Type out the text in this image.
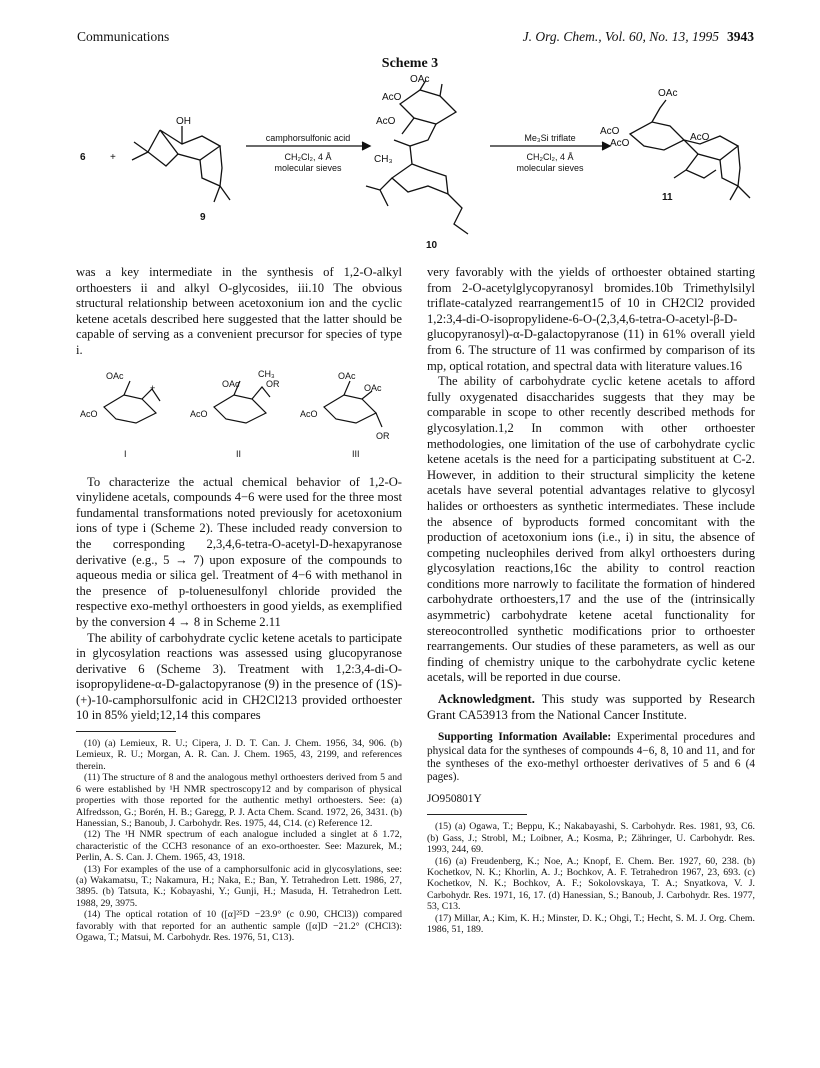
Communications	J. Org. Chem., Vol. 60, No. 13, 1995 3943
Scheme 3
6 +
OH
9
camphorsulfonic acid
CH₂Cl₂, 4 Å
molecular sieves
OAc
AcO
AcO
CH₃
10
Me₃Si triflate
CH₂Cl₂, 4 Å
molecular sieves
OAc
AcO
AcO
AcO
11

was a key intermediate in the synthesis of 1,2-O-alkyl orthoesters ii and alkyl O-glycosides, iii.10 The obvious structural relationship between acetoxonium ion and the cyclic ketene acetals described here suggested that the latter should be capable of serving as a convenient precursor for species of type i.

OAc
+
AcO
I
CH₃
OAc	OR
AcO
II
OAc
OAc
AcO
OR
III

To characterize the actual chemical behavior of 1,2-O-vinylidene acetals, compounds 4−6 were used for the three most fundamental transformations noted previously for acetoxonium ions of type i (Scheme 2). These included ready conversion to the corresponding 2,3,4,6-tetra-O-acetyl-D-hexapyranose derivative (e.g., 5 → 7) upon exposure of the compounds to aqueous media or silica gel. Treatment of 4−6 with methanol in the presence of p-toluenesulfonyl chloride provided the respective exo-methyl orthoesters in good yields, as exemplified by the conversion 4 → 8 in Scheme 2.11

The ability of carbohydrate cyclic ketene acetals to participate in glycosylation reactions was assessed using glucopyranose derivative 6 (Scheme 3). Treatment with 1,2:3,4-di-O-isopropylidene-α-D-galactopyranose (9) in the presence of (1S)-(+)-10-camphorsulfonic acid in CH2Cl213 provided orthoester 10 in 85% yield;12,14 this compares

(10) (a) Lemieux, R. U.; Cipera, J. D. T. Can. J. Chem. 1956, 34, 906. (b) Lemieux, R. U.; Morgan, A. R. Can. J. Chem. 1965, 43, 2199, and references therein.

(11) The structure of 8 and the analogous methyl orthoesters derived from 5 and 6 were established by ¹H NMR spectroscopy12 and by comparison of physical properties with those reported for the authentic methyl orthoesters. See: (a) Alfredsson, G.; Borén, H. B.; Garegg, P. J. Acta Chem. Scand. 1972, 26, 3431. (b) Hanessian, S.; Banoub, J. Carbohydr. Res. 1975, 44, C14. (c) Reference 12.

(12) The ¹H NMR spectrum of each analogue included a singlet at δ 1.72, characteristic of the CCH3 resonance of an exo-orthoester. See: Mazurek, M.; Perlin, A. S. Can. J. Chem. 1965, 43, 1918.

(13) For examples of the use of a camphorsulfonic acid in glycosylations, see: (a) Wakamatsu, T.; Nakamura, H.; Naka, E.; Ban, Y. Tetrahedron Lett. 1986, 27, 3895. (b) Tatsuta, K.; Kobayashi, Y.; Gunji, H.; Masuda, H. Tetrahedron Lett. 1988, 29, 3975.

(14) The optical rotation of 10 ([α]²⁵D −23.9° (c 0.90, CHCl3)) compared favorably with that reported for an authentic sample ([α]D −21.2° (CHCl3): Ogawa, T.; Matsui, M. Carbohydr. Res. 1976, 51, C13).

very favorably with the yields of orthoester obtained starting from 2-O-acetylglycopyranosyl bromides.10b Trimethylsilyl triflate-catalyzed rearrangement15 of 10 in CH2Cl2 provided 1,2:3,4-di-O-isopropylidene-6-O-(2,3,4,6-tetra-O-acetyl-β-D-glucopyranosyl)-α-D-galactopyranose (11) in 61% overall yield from 6. The structure of 11 was confirmed by comparison of its mp, optical rotation, and spectral data with literature values.16

The ability of carbohydrate cyclic ketene acetals to afford fully oxygenated disaccharides suggests that they may be comparable in scope to other recently described methods for glycosylation.1,2 In common with other orthoester methodologies, one limitation of the use of carbohydrate cyclic ketene acetals is the need for a participating substituent at C-2. However, in addition to their structural simplicity the ketene acetals have several potential advantages relative to glycosyl halides or orthoesters as synthetic intermediates. These include the absence of byproducts formed concomitant with the production of acetoxonium ions (i.e., i) in situ, the absence of competing nucleophiles derived from alkyl orthoesters during glycosylation reactions,16c the ability to control reaction conditions more narrowly to facilitate the formation of hindered carbohydrate orthoesters,17 and the use of the (intrinsically asymmetric) carbohydrate ketene acetal functionality for stereocontrolled synthetic modifications prior to orthoester rearrangements. Our studies of these parameters, as well as our finding of chemistry unique to the carbohydrate cyclic ketene acetals, will be reported in due course.

Acknowledgment. This study was supported by Research Grant CA53913 from the National Cancer Institute.

Supporting Information Available: Experimental procedures and physical data for the syntheses of compounds 4−6, 8, 10 and 11, and for the syntheses of the exo-methyl orthoester derivatives of 5 and 6 (4 pages).

JO950801Y

(15) (a) Ogawa, T.; Beppu, K.; Nakabayashi, S. Carbohydr. Res. 1981, 93, C6. (b) Gass, J.; Strobl, M.; Loibner, A.; Kosma, P.; Zähringer, U. Carbohydr. Res. 1993, 244, 69.

(16) (a) Freudenberg, K.; Noe, A.; Knopf, E. Chem. Ber. 1927, 60, 238. (b) Kochetkov, N. K.; Khorlin, A. J.; Bochkov, A. F. Tetrahedron 1967, 23, 693. (c) Kochetkov, N. K.; Bochkov, A. F.; Sokolovskaya, T. A.; Snyatkova, V. J. Carbohydr. Res. 1971, 16, 17. (d) Hanessian, S.; Banoub, J. Carbohydr. Res. 1977, 53, C13.

(17) Millar, A.; Kim, K. H.; Minster, D. K.; Ohgi, T.; Hecht, S. M. J. Org. Chem. 1986, 51, 189.
